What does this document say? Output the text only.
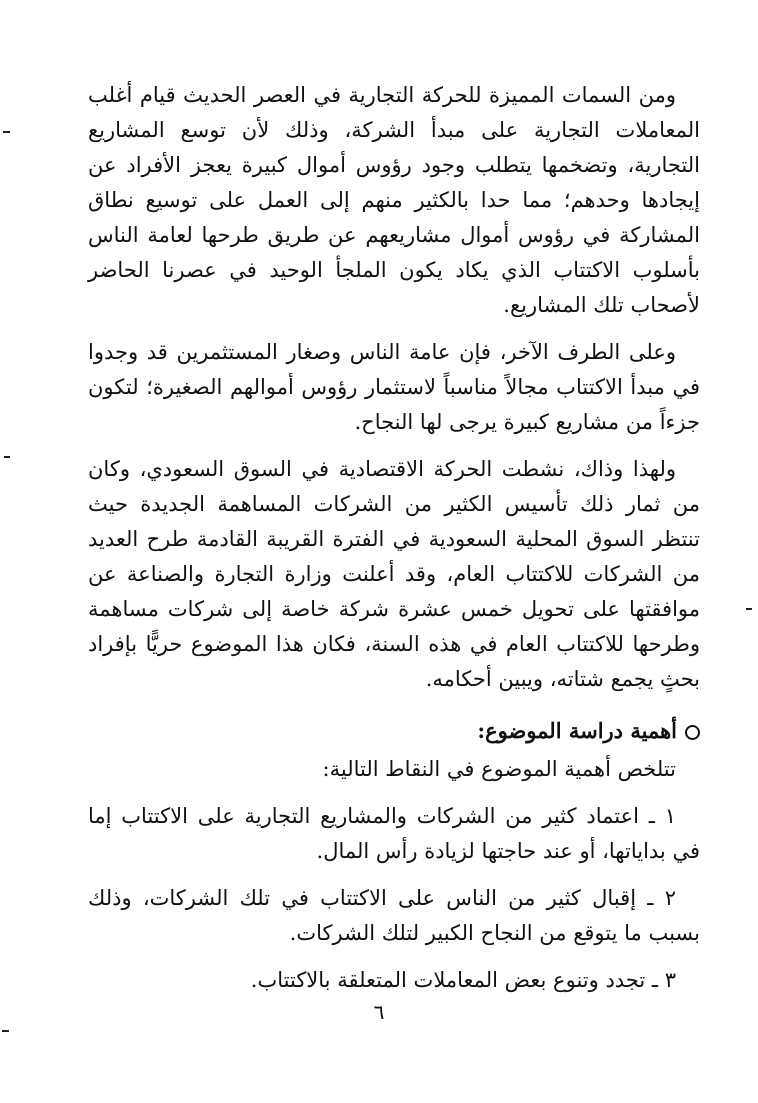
ومن السمات المميزة للحركة التجارية في العصر الحديث قيام أغلب المعاملات التجارية على مبدأ الشركة، وذلك لأن توسع المشاريع التجارية، وتضخمها يتطلب وجود رؤوس أموال كبيرة يعجز الأفراد عن إيجادها وحدهم؛ مما حدا بالكثير منهم إلى العمل على توسيع نطاق المشاركة في رؤوس أموال مشاريعهم عن طريق طرحها لعامة الناس بأسلوب الاكتتاب الذي يكاد يكون الملجأ الوحيد في عصرنا الحاضر لأصحاب تلك المشاريع.

وعلى الطرف الآخر، فإن عامة الناس وصغار المستثمرين قد وجدوا في مبدأ الاكتتاب مجالاً مناسباً لاستثمار رؤوس أموالهم الصغيرة؛ لتكون جزءاً من مشاريع كبيرة يرجى لها النجاح.

ولهذا وذاك، نشطت الحركة الاقتصادية في السوق السعودي، وكان من ثمار ذلك تأسيس الكثير من الشركات المساهمة الجديدة حيث تنتظر السوق المحلية السعودية في الفترة القريبة القادمة طرح العديد من الشركات للاكتتاب العام، وقد أعلنت وزارة التجارة والصناعة عن موافقتها على تحويل خمس عشرة شركة خاصة إلى شركات مساهمة وطرحها للاكتتاب العام في هذه السنة، فكان هذا الموضوع حريًّا بإفراد بحثٍ يجمع شتاته، ويبين أحكامه.

أهمية دراسة الموضوع:

تتلخص أهمية الموضوع في النقاط التالية:

١ ـ اعتماد كثير من الشركات والمشاريع التجارية على الاكتتاب إما في بداياتها، أو عند حاجتها لزيادة رأس المال.

٢ ـ إقبال كثير من الناس على الاكتتاب في تلك الشركات، وذلك بسبب ما يتوقع من النجاح الكبير لتلك الشركات.

٣ ـ تجدد وتنوع بعض المعاملات المتعلقة بالاكتتاب.

٦
